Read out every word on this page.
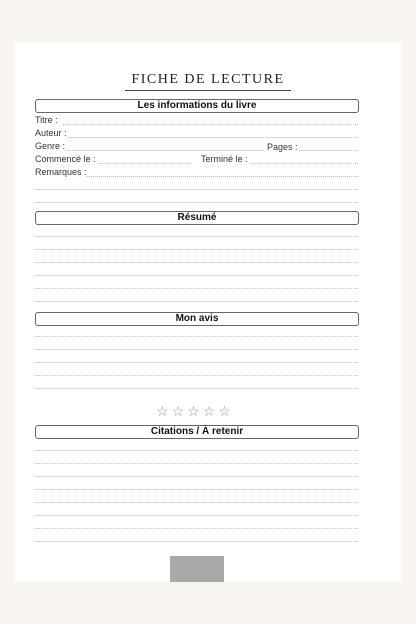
FICHE DE LECTURE
Les informations du livre
Titre :
Auteur :
Genre :	Pages :
Commencé le :	Terminé le :
Remarques :
Résumé
Mon avis
☆ ☆ ☆ ☆ ☆
Citations / À retenir
· · · · · · · ·
